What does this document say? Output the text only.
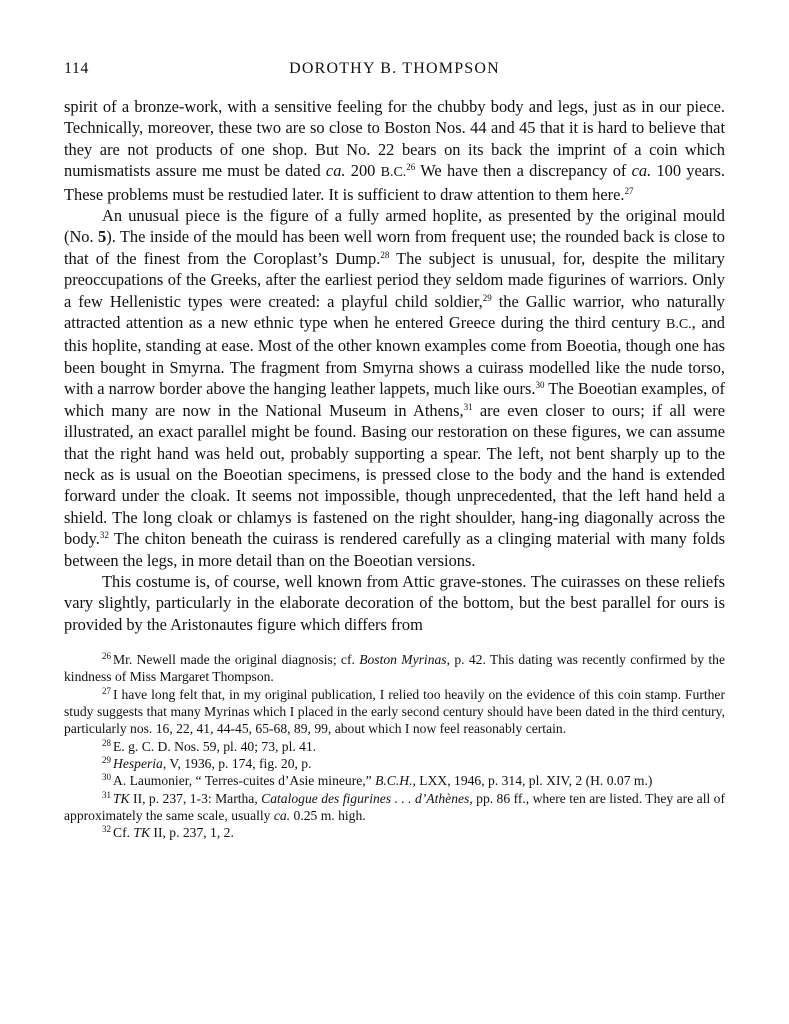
114	DOROTHY B. THOMPSON

spirit of a bronze-work, with a sensitive feeling for the chubby body and legs, just as in our piece. Technically, moreover, these two are so close to Boston Nos. 44 and 45 that it is hard to believe that they are not products of one shop. But No. 22 bears on its back the imprint of a coin which numismatists assure me must be dated ca. 200 B.C.$^{26}$ We have then a discrepancy of ca. 100 years. These problems must be restudied later. It is sufficient to draw attention to them here.$^{27}$

An unusual piece is the figure of a fully armed hoplite, as presented by the original mould (No. 5). The inside of the mould has been well worn from frequent use; the rounded back is close to that of the finest from the Coroplast’s Dump.$^{28}$ The subject is unusual, for, despite the military preoccupations of the Greeks, after the earliest period they seldom made figurines of warriors. Only a few Hellenistic types were created: a playful child soldier,$^{29}$ the Gallic warrior, who naturally attracted attention as a new ethnic type when he entered Greece during the third century B.C., and this hoplite, standing at ease. Most of the other known examples come from Boeotia, though one has been bought in Smyrna. The fragment from Smyrna shows a cuirass modelled like the nude torso, with a narrow border above the hanging leather lappets, much like ours.$^{30}$ The Boeotian examples, of which many are now in the National Museum in Athens,$^{31}$ are even closer to ours; if all were illustrated, an exact parallel might be found. Basing our restoration on these figures, we can assume that the right hand was held out, probably supporting a spear. The left, not bent sharply up to the neck as is usual on the Boeotian specimens, is pressed close to the body and the hand is extended forward under the cloak. It seems not impossible, though unprecedented, that the left hand held a shield. The long cloak or chlamys is fastened on the right shoulder, hang-ing diagonally across the body.$^{32}$ The chiton beneath the cuirass is rendered carefully as a clinging material with many folds between the legs, in more detail than on the Boeotian versions.

This costume is, of course, well known from Attic grave-stones. The cuirasses on these reliefs vary slightly, particularly in the elaborate decoration of the bottom, but the best parallel for ours is provided by the Aristonautes figure which differs from

$^{26}$ Mr. Newell made the original diagnosis; cf. Boston Myrinas, p. 42. This dating was recently confirmed by the kindness of Miss Margaret Thompson.

$^{27}$ I have long felt that, in my original publication, I relied too heavily on the evidence of this coin stamp. Further study suggests that many Myrinas which I placed in the early second century should have been dated in the third century, particularly nos. 16, 22, 41, 44-45, 65-68, 89, 99, about which I now feel reasonably certain.

$^{28}$ E. g. C. D. Nos. 59, pl. 40; 73, pl. 41.

$^{29}$ Hesperia, V, 1936, p. 174, fig. 20, p.

$^{30}$ A. Laumonier, “ Terres-cuites d’Asie mineure,” B.C.H., LXX, 1946, p. 314, pl. XIV, 2 (H. 0.07 m.)

$^{31}$ TK II, p. 237, 1-3: Martha, Catalogue des figurines . . . d’Athènes, pp. 86 ff., where ten are listed. They are all of approximately the same scale, usually ca. 0.25 m. high.

$^{32}$ Cf. TK II, p. 237, 1, 2.
